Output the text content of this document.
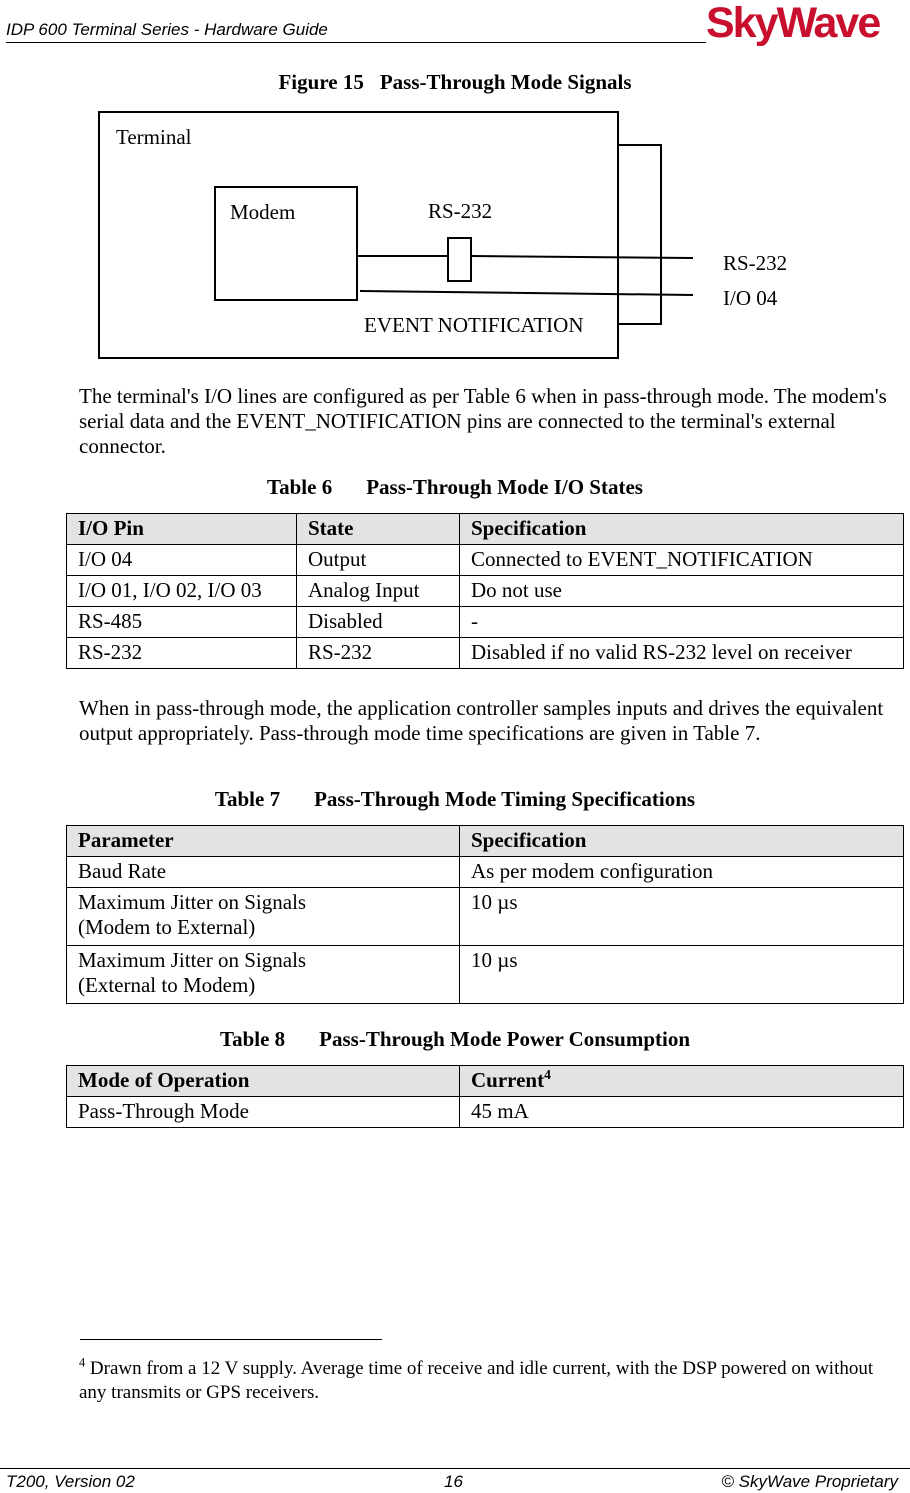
IDP 600 Terminal Series - Hardware Guide	SkyWave
Figure 15 Pass-Through Mode Signals
Terminal
Modem	RS-232
EVENT NOTIFICATION
RS-232
I/O 04
The terminal's I/O lines are configured as per Table 6 when in pass-through mode. The modem's serial data and the EVENT_NOTIFICATION pins are connected to the terminal's external connector.
Table 6 Pass-Through Mode I/O States
I/O Pin	State	Specification
I/O 04	Output	Connected to EVENT_NOTIFICATION
I/O 01, I/O 02, I/O 03	Analog Input	Do not use
RS-485	Disabled	-
RS-232	RS-232	Disabled if no valid RS-232 level on receiver
When in pass-through mode, the application controller samples inputs and drives the equivalent output appropriately. Pass-through mode time specifications are given in Table 7.
Table 7 Pass-Through Mode Timing Specifications
Parameter	Specification
Baud Rate	As per modem configuration

Maximum Jitter on Signals
(Modem to External)	10 µs

Maximum Jitter on Signals
(External to Modem)	10 µs
Table 8 Pass-Through Mode Power Consumption
Mode of Operation	Current$^4$
Pass-Through Mode	45 mA
$^4$ Drawn from a 12 V supply. Average time of receive and idle current, with the DSP powered on without any transmits or GPS receivers.
T200, Version 02	16	© SkyWave Proprietary
